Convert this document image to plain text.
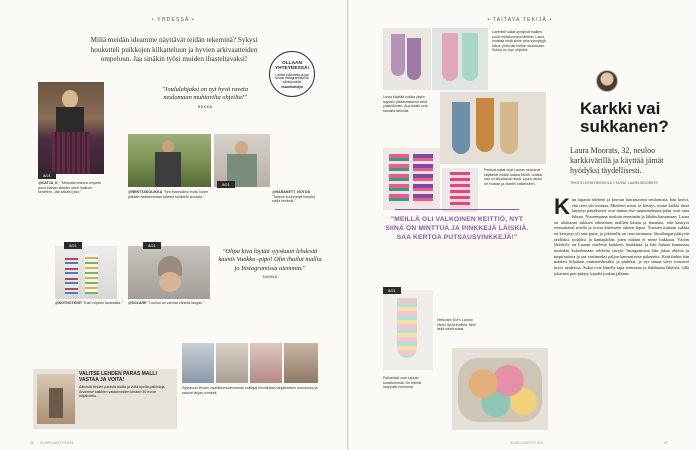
• YHDESSÄ •
Millä meidän ideamme näyttävät teidän tekeminä? Sykysi houkutteli puikkojen kilkatteluun ja hyvien arkivaatteiden ompeluun. Jaa sinäkin työsi muiden ihasteltavaksi!
OLLAAN YHTEYDESSÄ!
Lähetä palautetta ja jaa kuvasi instagramissa tai sähköpostilla
#suurikasityö
8/21
@KATJA_K_ "Mekosta ahkera ompelin jaunt ihanan siettam ohse ihailuun kehetem. Jäin takaisi piso."
"Joululahjaksi on nyt hyvä ruveta neulomaan muhtavilta ohjeilta!"
RIIKKA
@RENTTAKOLIKKA "Sen ihannollesi mullu kuten pitkään aloittelemaan talviset tosiliekki kuvasta."
8/21
@HARAKETT_NOTOS "Taiteus suurimmat henkkä siellä keränät."
8/21
@NOTNOTKNIT "Ihan nöptavi lautovalla."
8/21
@SOLARE "Tuohon on varmat vähintä langan."
"Olipa kiva löytää syyskuun lehdestä kaunis Vuokko -pipo! Olin ihailut mallia jo Instagramissa aiemmin."
SANNA
VALITSE LEHDEN PARAS MALLI VASTAA JA VOITA!

Äänestä lehden parasta mallia ja voita upeita palkintoja. Arvomme kaikkien vastanneiden kesken 50 euron lahjakorttia.

Syyskuun lehden osallistumisarvonnan voittajat ilmoitetaan lahjakorttien muodossa ja saavat lahjan nimissä.
66 SUURI KÄSITYÖ 8/21
• TAITAVA TEKIJÄ •
Laventeli sukat syntyivät mallien puuvi millelluomina lähtisin. Laura muistaa etsiä sinne aina synnyilyjä lukua, jolla hän kolme neulomaan. Sukka on Jopi ohjeista.
Laura käyttää sukkia yksiin lapaisin jokailumaisesti sekä pinkkilööden. Aus kaikki ovat samalla tarhoilla.
Pantuat sukat ovat Lauran neulomat käyttävät mukisi luokka kivillä. Lisäksi hän on kirjoittanut nissä. Laura neuloi ne mustan ja violetin naisekseen.
"MEILLÄ OLI VALKOINEN KEITTIÖ, NYT SIINÄ ON MINTTUA JA PINKKEJÄ LÄISKIÄ. SAA KERTOA PUTSAUSVINKKEJÄ!"
8/21
Hellovarn Sivi's Lauran sivesi hyviä kudella. Nimi lisää nämä sukat.
Pallosukat ovat Lauran suosituimmat. Ne tekivät harppalle neulomat.
Karkki vai sukkanen?
Laura Moorats, 32, neuloo karkkivärillä ja käyttää jämät hyödyksi täydellisesti.
TEKSTI LEENI HEINSOLA // KUVAT LAURA MOORATS
Kun tapasin mieheni ja kerroin harrastavani neulomista, hän kertoi, että teen siis montaa. Mieleeni nousi se käsitys, mutta kaikki tässä käytetyt paitakuviot ovat minun itse suunnittelemia jotka ovat oma lukuni. Nuorempana neuloin enemmän ja lähdin katsomaan. Laura on aloittanut sukkien tekemisen mallien kautta ja huomasi, että käsityöt rentouttavat mieltä ja toivat kiireiseen arkeen lepoa. Vuosien mittaan sukkia on kertynyt yli sata paria, ja jokaisella on oma tarinansa. Jämälangat päätyvät raidoiksi, pohjiksi ja kantapäihin, joten mitään ei mene hukkaan. Värien yhdistely on Lauran mielestä kaikkein hauskinta, ja hän haluaa kannustaa muitakin kokeilemaan rohkeita sävyjä. Instagramissa hän jakaa ohjeita ja inspiraatiota ja saa vastineeksi paljon kannustavaa palautetta. Keittiönkin hän maalasi hiljattain mintunvihreäksi ja pinkiksi, ja nyt samat sävyt toistuvat myös neuleissa. Sukat ovat hänelle tapa rentoutua ja ilahduttaa läheisiä, sillä jokainen pari päätyy lopulta jonkun jalkaan.
SUURI KÄSITYÖ 8/21	67
